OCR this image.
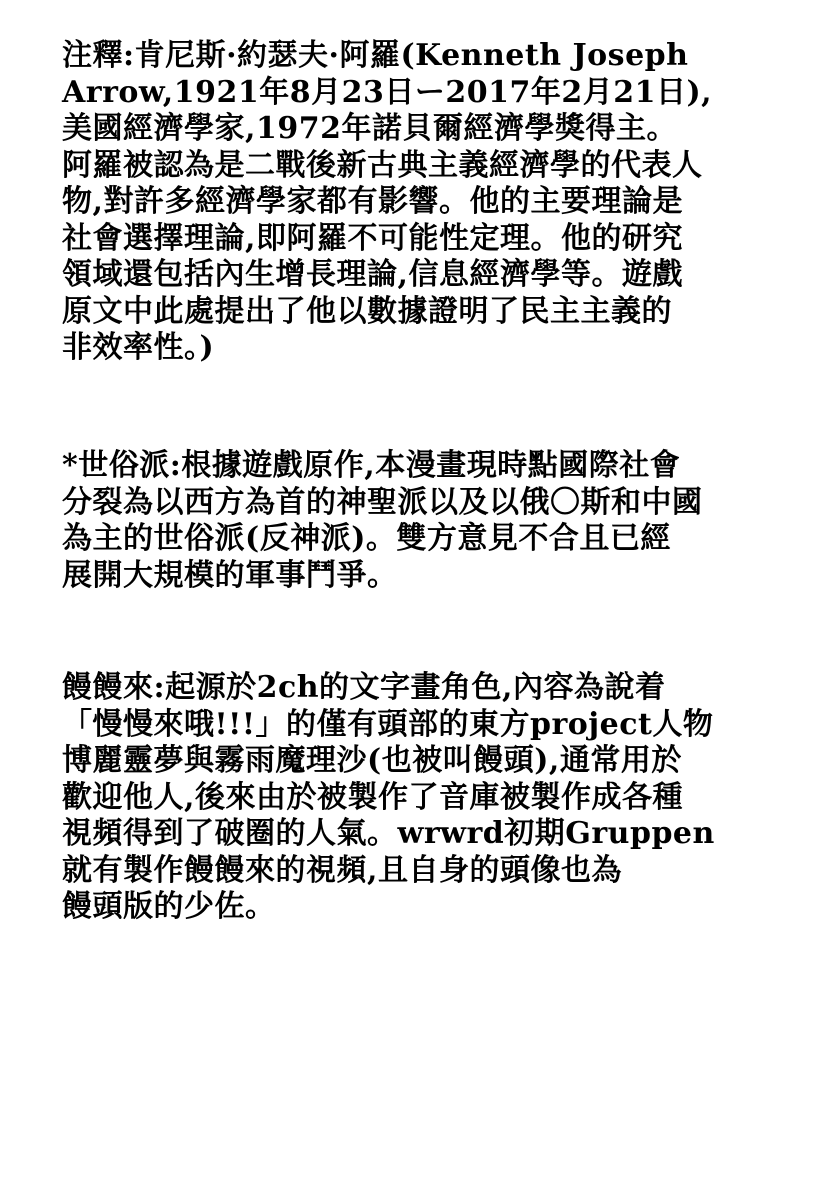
注釋:肯尼斯·約瑟夫·阿羅(Kenneth Joseph
Arrow,1921年8月23日ー2017年2月21日),
美國經濟學家,1972年諾貝爾經濟學獎得主。
阿羅被認為是二戰後新古典主義經濟學的代表人
物,對許多經濟學家都有影響。他的主要理論是
社會選擇理論,即阿羅不可能性定理。他的研究
領域還包括內生增長理論,信息經濟學等。遊戲
原文中此處提出了他以數據證明了民主主義的
非效率性。)
*世俗派:根據遊戲原作,本漫畫現時點國際社會
分裂為以西方為首的神聖派以及以俄〇斯和中國
為主的世俗派(反神派)。雙方意見不合且已經
展開大規模的軍事鬥爭。
饅饅來:起源於2ch的文字畫角色,內容為說着
「慢慢來哦!!!」的僅有頭部的東方project人物
博麗靈夢與霧雨魔理沙(也被叫饅頭),通常用於
歡迎他人,後來由於被製作了音庫被製作成各種
視頻得到了破圈的人氣。wrwrd初期Gruppen
就有製作饅饅來的視頻,且自身的頭像也為
饅頭版的少佐。
